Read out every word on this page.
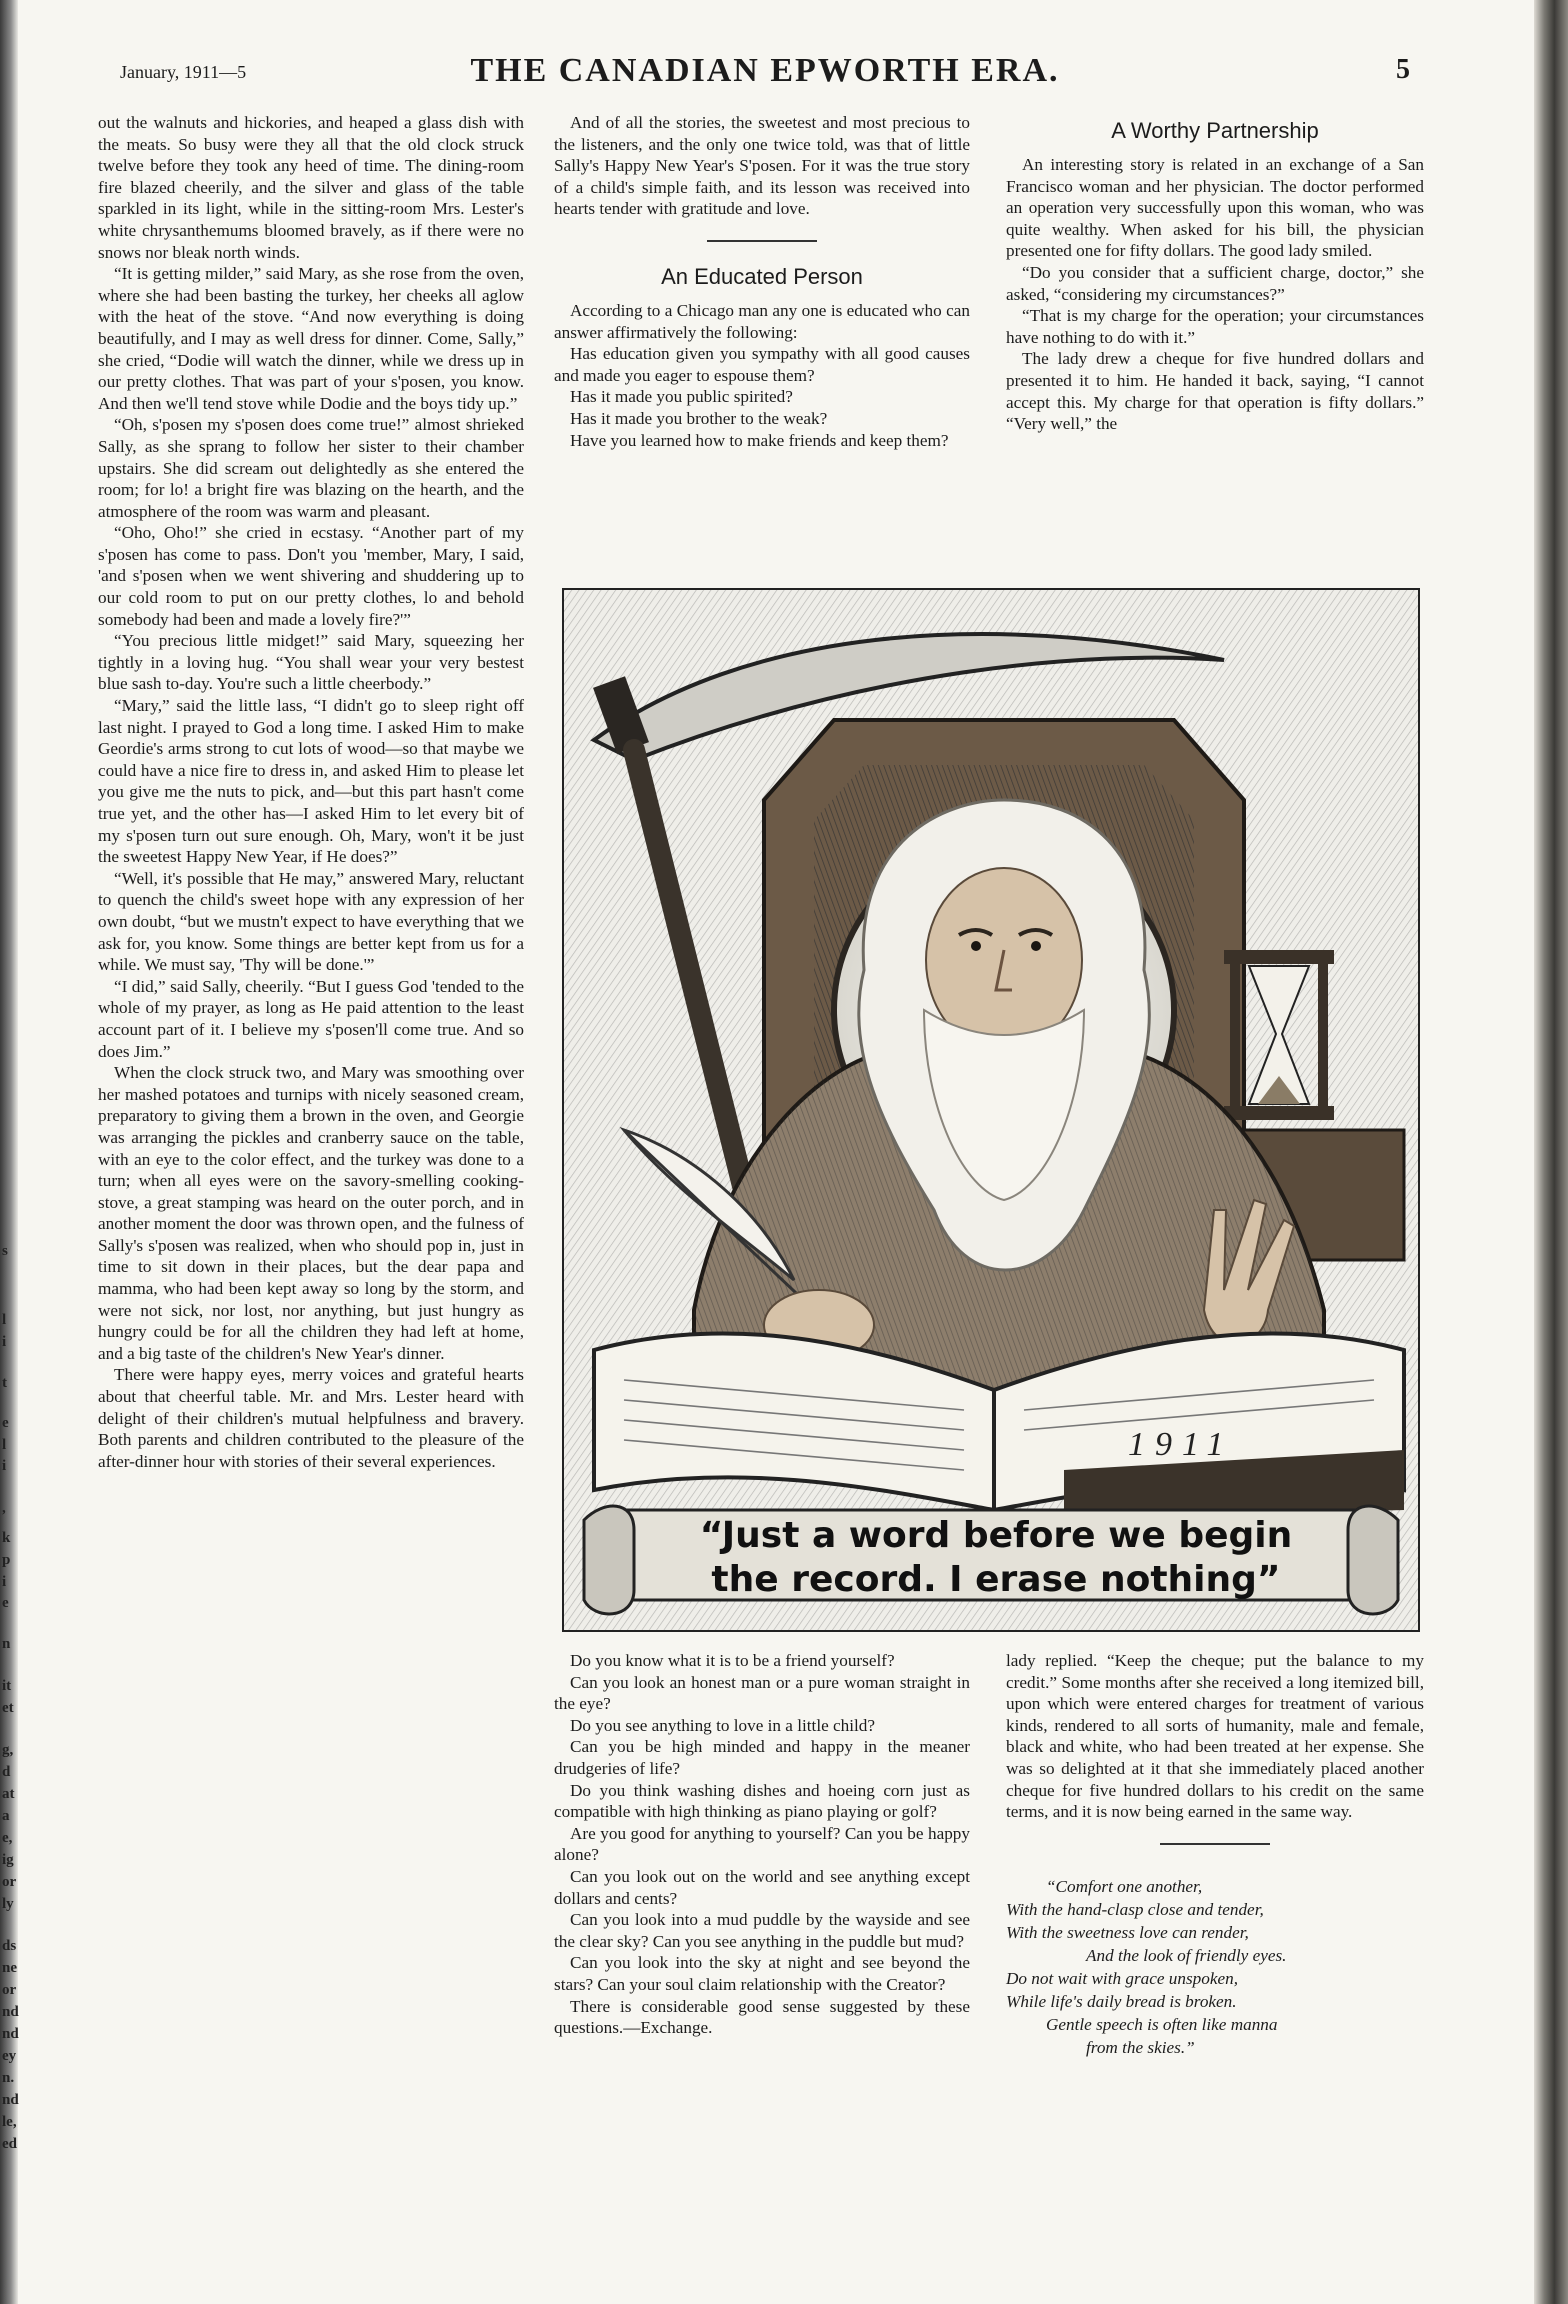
s
l
i
t
e
l
i
,
k
p
i
e
n
it
et
g,
d
at
a
e,
ig
or
ly
ds
ne
or
nd
nd
ey
n.
nd
le,
ed
January, 1911—5	THE CANADIAN EPWORTH ERA.	5

out the walnuts and hickories, and heaped a glass dish with the meats. So busy were they all that the old clock struck twelve before they took any heed of time. The dining-room fire blazed cheerily, and the silver and glass of the table sparkled in its light, while in the sitting-room Mrs. Lester's white chrysanthemums bloomed bravely, as if there were no snows nor bleak north winds.

“It is getting milder,” said Mary, as she rose from the oven, where she had been basting the turkey, her cheeks all aglow with the heat of the stove. “And now everything is doing beautifully, and I may as well dress for dinner. Come, Sally,” she cried, “Dodie will watch the dinner, while we dress up in our pretty clothes. That was part of your s'posen, you know. And then we'll tend stove while Dodie and the boys tidy up.”

“Oh, s'posen my s'posen does come true!” almost shrieked Sally, as she sprang to follow her sister to their chamber upstairs. She did scream out delightedly as she entered the room; for lo! a bright fire was blazing on the hearth, and the atmosphere of the room was warm and pleasant.

“Oho, Oho!” she cried in ecstasy. “Another part of my s'posen has come to pass. Don't you 'member, Mary, I said, 'and s'posen when we went shivering and shuddering up to our cold room to put on our pretty clothes, lo and behold somebody had been and made a lovely fire?'”

“You precious little midget!” said Mary, squeezing her tightly in a loving hug. “You shall wear your very bestest blue sash to-day. You're such a little cheerbody.”

“Mary,” said the little lass, “I didn't go to sleep right off last night. I prayed to God a long time. I asked Him to make Geordie's arms strong to cut lots of wood—so that maybe we could have a nice fire to dress in, and asked Him to please let you give me the nuts to pick, and—but this part hasn't come true yet, and the other has—I asked Him to let every bit of my s'posen turn out sure enough. Oh, Mary, won't it be just the sweetest Happy New Year, if He does?”

“Well, it's possible that He may,” answered Mary, reluctant to quench the child's sweet hope with any expression of her own doubt, “but we mustn't expect to have everything that we ask for, you know. Some things are better kept from us for a while. We must say, 'Thy will be done.'”

“I did,” said Sally, cheerily. “But I guess God 'tended to the whole of my prayer, as long as He paid attention to the least account part of it. I believe my s'posen'll come true. And so does Jim.”

When the clock struck two, and Mary was smoothing over her mashed potatoes and turnips with nicely seasoned cream, preparatory to giving them a brown in the oven, and Georgie was arranging the pickles and cranberry sauce on the table, with an eye to the color effect, and the turkey was done to a turn; when all eyes were on the savory-smelling cooking-stove, a great stamping was heard on the outer porch, and in another moment the door was thrown open, and the fulness of Sally's s'posen was realized, when who should pop in, just in time to sit down in their places, but the dear papa and mamma, who had been kept away so long by the storm, and were not sick, nor lost, nor anything, but just hungry as hungry could be for all the children they had left at home, and a big taste of the children's New Year's dinner.

There were happy eyes, merry voices and grateful hearts about that cheerful table. Mr. and Mrs. Lester heard with delight of their children's mutual helpfulness and bravery. Both parents and children contributed to the pleasure of the after-dinner hour with stories of their several experiences.

And of all the stories, the sweetest and most precious to the listeners, and the only one twice told, was that of little Sally's Happy New Year's S'posen. For it was the true story of a child's simple faith, and its lesson was received into hearts tender with gratitude and love.

An Educated Person

According to a Chicago man any one is educated who can answer affirmatively the following:

Has education given you sympathy with all good causes and made you eager to espouse them?

Has it made you public spirited?

Has it made you brother to the weak?

Have you learned how to make friends and keep them?

A Worthy Partnership

An interesting story is related in an exchange of a San Francisco woman and her physician. The doctor performed an operation very successfully upon this woman, who was quite wealthy. When asked for his bill, the physician presented one for fifty dollars. The good lady smiled.

“Do you consider that a sufficient charge, doctor,” she asked, “considering my circumstances?”

“That is my charge for the operation; your circumstances have nothing to do with it.”

The lady drew a cheque for five hundred dollars and presented it to him. He handed it back, saying, “I cannot accept this. My charge for that operation is fifty dollars.” “Very well,” the

1911
“Just a word before we begin
the record. I erase nothing”

Do you know what it is to be a friend yourself?

Can you look an honest man or a pure woman straight in the eye?

Do you see anything to love in a little child?

Can you be high minded and happy in the meaner drudgeries of life?

Do you think washing dishes and hoeing corn just as compatible with high thinking as piano playing or golf?

Are you good for anything to yourself? Can you be happy alone?

Can you look out on the world and see anything except dollars and cents?

Can you look into a mud puddle by the wayside and see the clear sky? Can you see anything in the puddle but mud?

Can you look into the sky at night and see beyond the stars? Can your soul claim relationship with the Creator?

There is considerable good sense suggested by these questions.—Exchange.

lady replied. “Keep the cheque; put the balance to my credit.” Some months after she received a long itemized bill, upon which were entered charges for treatment of various kinds, rendered to all sorts of humanity, male and female, black and white, who had been treated at her expense. She was so delighted at it that she immediately placed another cheque for five hundred dollars to his credit on the same terms, and it is now being earned in the same way.

“Comfort one another,
With the hand-clasp close and tender,
With the sweetness love can render,
And the look of friendly eyes.
Do not wait with grace unspoken,
While life's daily bread is broken.
Gentle speech is often like manna
from the skies.”
